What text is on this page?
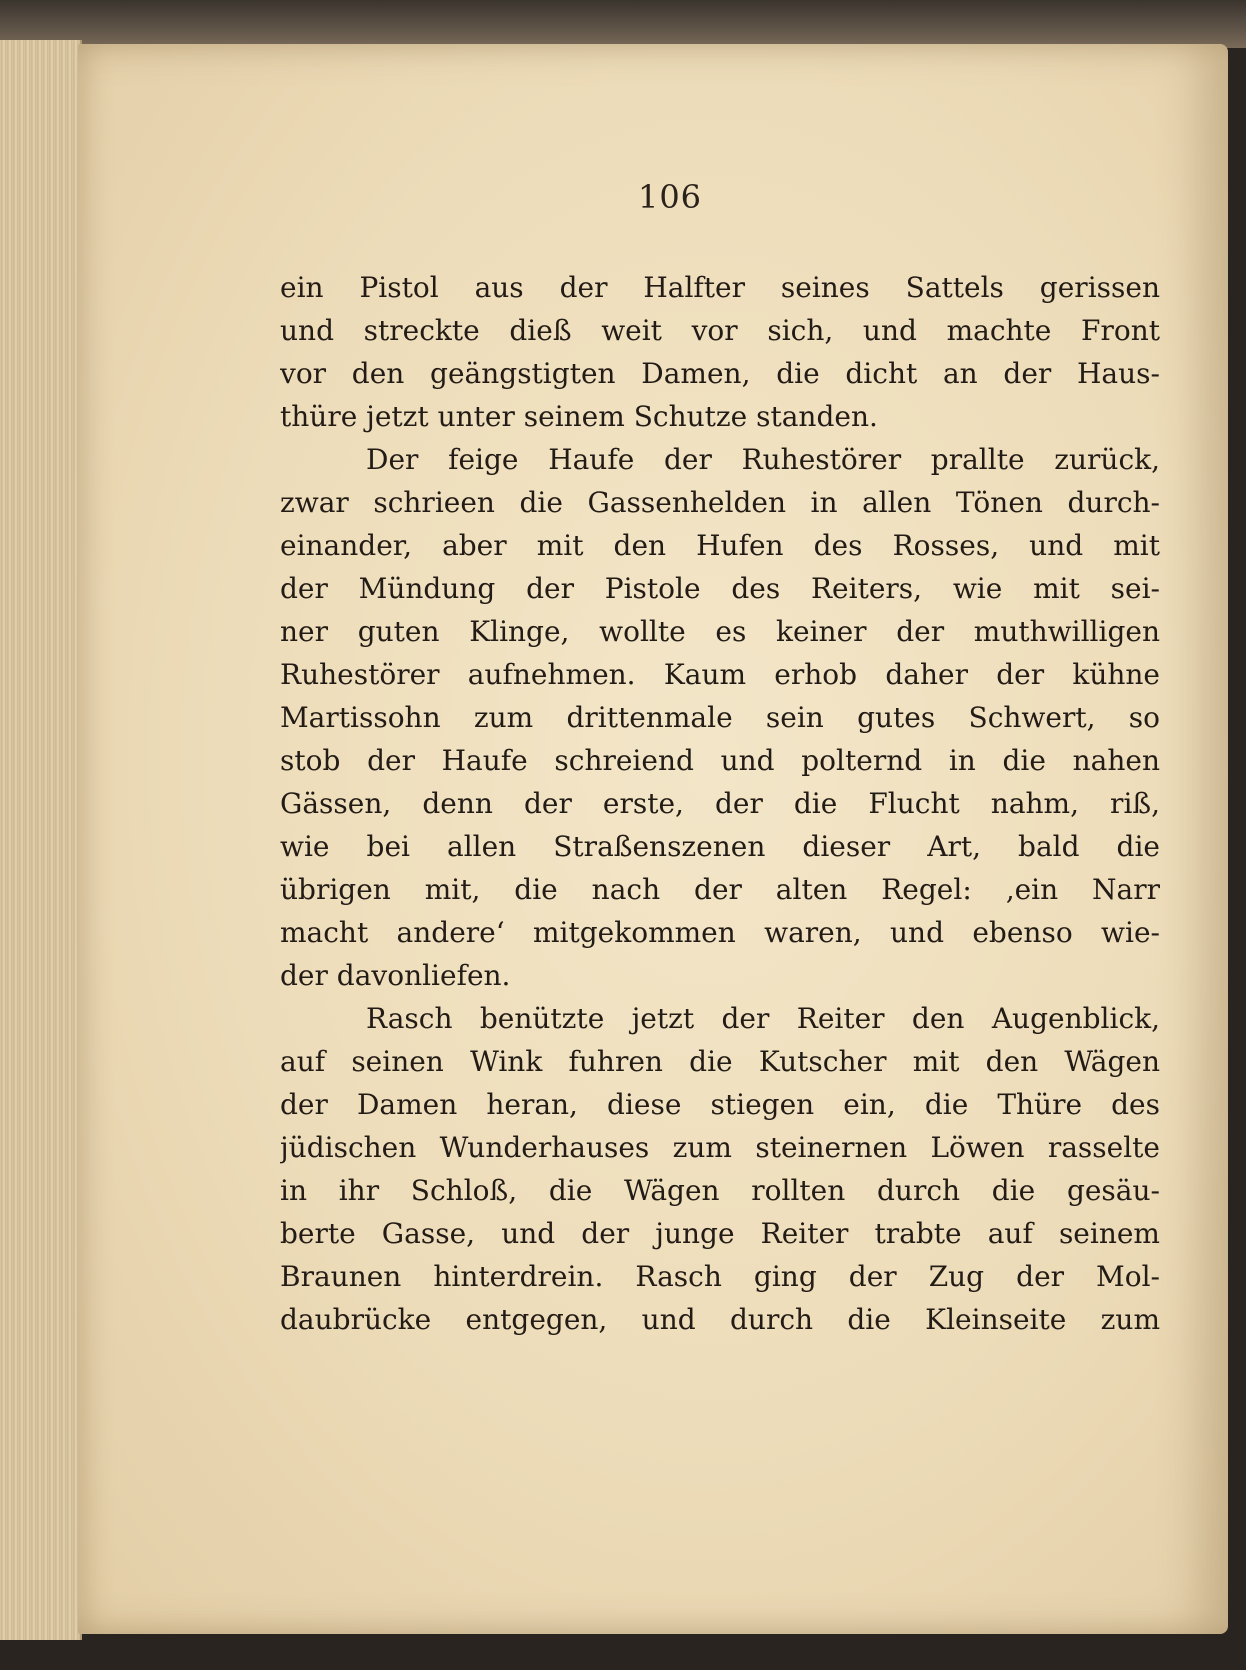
106
ein Pistol aus der Halfter seines Sattels gerissen
und streckte dieß weit vor sich, und machte Front
vor den geängstigten Damen, die dicht an der Haus-
thüre jetzt unter seinem Schutze standen.
Der feige Haufe der Ruhestörer prallte zurück,
zwar schrieen die Gassenhelden in allen Tönen durch-
einander, aber mit den Hufen des Rosses, und mit
der Mündung der Pistole des Reiters, wie mit sei-
ner guten Klinge, wollte es keiner der muthwilligen
Ruhestörer aufnehmen. Kaum erhob daher der kühne
Martissohn zum drittenmale sein gutes Schwert, so
stob der Haufe schreiend und polternd in die nahen
Gässen, denn der erste, der die Flucht nahm, riß,
wie bei allen Straßenszenen dieser Art, bald die
übrigen mit, die nach der alten Regel: ‚ein Narr
macht andere‘ mitgekommen waren, und ebenso wie-
der davonliefen.
Rasch benützte jetzt der Reiter den Augenblick,
auf seinen Wink fuhren die Kutscher mit den Wägen
der Damen heran, diese stiegen ein, die Thüre des
jüdischen Wunderhauses zum steinernen Löwen rasselte
in ihr Schloß, die Wägen rollten durch die gesäu-
berte Gasse, und der junge Reiter trabte auf seinem
Braunen hinterdrein. Rasch ging der Zug der Mol-
daubrücke entgegen, und durch die Kleinseite zum
